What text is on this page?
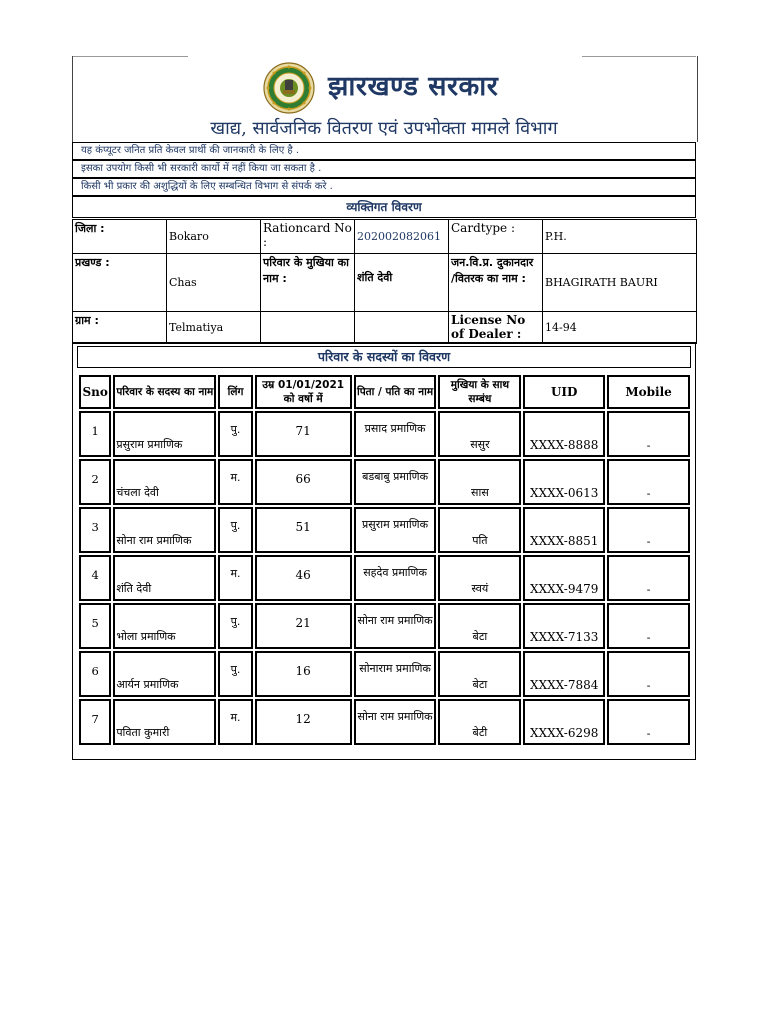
झारखण्ड सरकार
खाद्य, सार्वजनिक वितरण एवं उपभोक्ता मामले विभाग
यह कंप्यूटर जनित प्रति केवल प्रार्थी की जानकारी के लिए है .
इसका उपयोग किसी भी सरकारी कार्यो में नहीं किया जा सकता है .
किसी भी प्रकार की अशुद्धियों के लिए सम्बन्धित विभाग से संपर्क करे .
व्यक्तिगत विवरण
जिला :	Bokaro	Rationcard No :	202002082061	Cardtype :	P.H.
प्रखण्ड :	Chas	परिवार के मुखिया का नाम :	शंति देवी	जन.वि.प्र. दुकानदार /वितरक का नाम :	BHAGIRATH BAURI
ग्राम :	Telmatiya			License No of Dealer :	14-94
परिवार के सदस्यों का विवरण
Sno	परिवार के सदस्य का नाम	लिंग	उम्र 01/01/2021 को वर्षो में	पिता / पति का नाम	मुखिया के साथ सम्बंध	UID	Mobile

1	प्रसुराम प्रमाणिक	पु.	71	प्रसाद प्रमाणिक	ससुर	XXXX-8888	-

2	चंचला देवी	म.	66	बडबाबु प्रमाणिक	सास	XXXX-0613	-

3	सोना राम प्रमाणिक	पु.	51	प्रसुराम प्रमाणिक	पति	XXXX-8851	-

4	शंति देवी	म.	46	सहदेव प्रमाणिक	स्वयं	XXXX-9479	-

5	भोला प्रमाणिक	पु.	21	सोना राम प्रमाणिक	बेटा	XXXX-7133	-

6	आर्यन प्रमाणिक	पु.	16	सोनाराम प्रमाणिक	बेटा	XXXX-7884	-

7	पविता कुमारी	म.	12	सोना राम प्रमाणिक	बेटी	XXXX-6298	-
